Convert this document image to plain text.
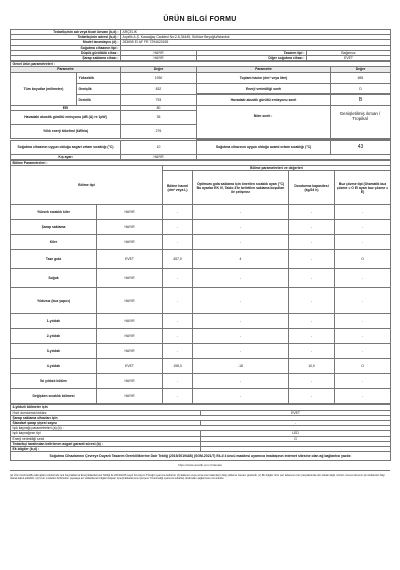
ÜRÜN BİLGİ FORMU
Tedarikçinin adı veya ticari ünvanı (b,d) :	ARÇELİK		
Tedarikçinin adresi (b,d) :	Arçelik A.Ş. Karaağaç Caddesi No:2-6,34445, Sütlüce Beyoğlu/İstanbul		
Model tanımlayıcı (d) :	283655 EI AF FR 7294620155		
Soğutma cihazının tipi :			
Düşük gürültülü cihaz :	HAYIR	Tasarım tipi :	Bağımsız
Şarap saklama cihazı :	HAYIR	Diğer soğutma cihazı :	EVET
Genel ürün parametreleri :				
Parametre		Değer	Parametre	Değer
Tüm boyutlar (milimetre)	Yükseklik	1930	Toplam hacim (dm³ veya litre)	655
	Genişlik	832	Enerji verimliliği sınıfı	D
	Derinlik	793	Havadaki akustik gürültü emisyonu sınıfı	B
EEI		80		
Havadaki akustik gürültü emisyonu (dB (A) re 1pW)		35		
Yıllık enerji tüketimi (kWh/a)		276		
	İklim sınıfı :	Genişletilmiş ılıman / Tropikal
Soğutma cihazının uygun olduğu asgari ortam sıcaklığı (°C)	10	Soğutma cihazının uygun olduğu azami ortam sıcaklığı (°C)	43
Kış ayarı	HAYIR		
Bölme Parametreleri :					
Bölme tipi		Bölme parametreleri ve değerleri			
		Bölme hacmi (dm³ veya L)	Optimum gıda saklama için önerilen sıcaklık ayarı (°C) Bu ayarlar EK IV, Tablo 3'te belirtilen saklama koşulları ile çelişmez	Dondurma kapasitesi (kg/24 h)	Buz çözme tipi (Otomatik buz çözme = O El ayarı buz çözme = E)
Yüksek sıcaklık kiler	HAYIR	-	-	-	-
Şarap saklama	HAYIR	-	-	-	-
Kiler	HAYIR	-	-	-	-
Taze gıda	EVET	457,0	4	-	O
Soğuk	HAYIR	-	-	-	-
Yıldızsız (buz yapıcı)	HAYIR	-	-	-	-
1-yıldızlı	HAYIR	-	-	-	-
2-yıldızlı	HAYIR	-	-	-	-
3-yıldızlı	HAYIR	-	-	-	-
4-yıldızlı	EVET	198,0	-18	10,0	O
İki yıldızlı bölüm	HAYIR	-	-	-	-
Değişken sıcaklık bölmesi	HAYIR	-	-	-	-
4-yıldızlı bölmeler için	
Hızlı dondurma imkânı	EVET
Şarap saklama cihazları için	
Standart şarap şişesi sayısı	-
Işık kaynağı parametreleri (a) (b) :	
Işık kaynağının tipi	LED
Enerji verimliliği sınıfı	G
Tedarikçi tarafından belirlenen asgari garanti süresi (b) :	
Ek bilgiler (b,d) :	
Soğutma Cihazlarının Çevreye Duyarlı Tasarım Gerekliliklerine Dair Tebliğ (2019/2019/AB) (SGM-2021/7) Ek-II 4 üncü maddesi uyarınca imalatçının internet sitesine olan ağ bağlantısı yazılır.	
https://www.arcelik.com.tr/destek
(a) Ürün Görüntü(Bu talimatlar) ürünlerinde Işık Kaynaklarına Enerji Etiketlemesi Tebliği ile 2019/2015 sayılı Komisyon Tüzüğü uyarınca belirlenir. (b) Eklenen veya sona eren kalemlerin bilgi yükleme zamanı gösterilir. (c) Bu bilgiler ürün veri tabanının tüm parçalarında sıfır olarak değil, ürünün mevcut durumu için kullanılan bilgi olarak kabul edilebilir. (d) Ürün modelleri birbirinden piyasaya arz edilebilecek bilgileri kapsar. Enerji Etiketlemesi Çerçeve Yönetmeliği uyarınca tedarikçi tarafından sağlanması zorunludur.
